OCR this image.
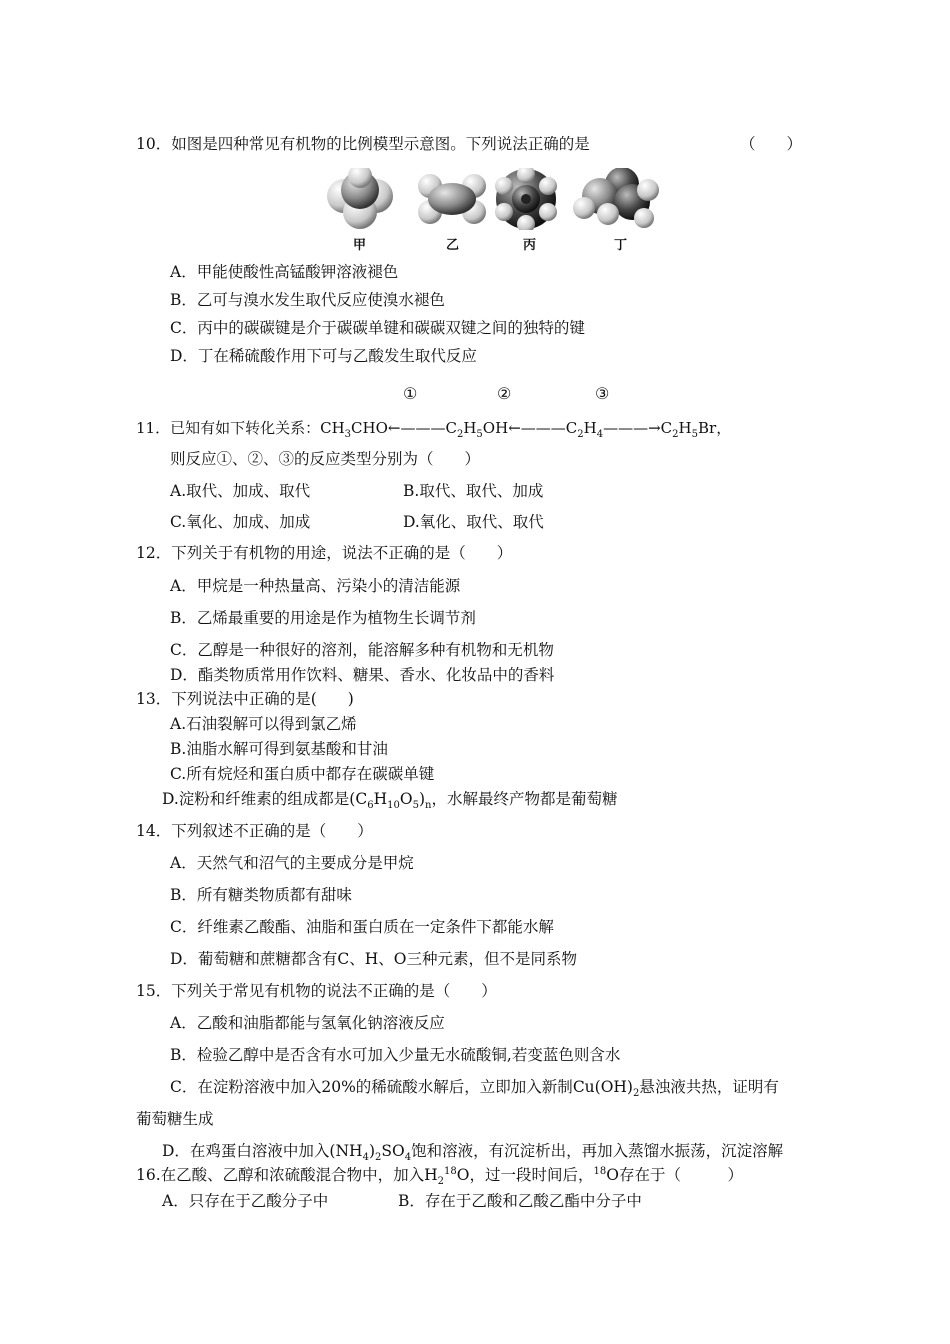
10．如图是四种常见有机物的比例模型示意图。下列说法正确的是	（　　）
甲	乙	丙	丁
A．甲能使酸性高锰酸钾溶液褪色
B．乙可与溴水发生取代反应使溴水褪色
C．丙中的碳碳键是介于碳碳单键和碳碳双键之间的独特的键
D．丁在稀硫酸作用下可与乙酸发生取代反应
①	②	③
11．已知有如下转化关系：$CH_3CHO\leftarrow———C_2H_5OH\leftarrow———C_2H_4———\to C_2H_5Br$，
则反应①、②、③的反应类型分别为（　　）
A.取代、加成、取代	B.取代、取代、加成
C.氧化、加成、加成	D.氧化、取代、取代
12．下列关于有机物的用途，说法不正确的是（　　）
A．甲烷是一种热量高、污染小的清洁能源
B．乙烯最重要的用途是作为植物生长调节剂
C．乙醇是一种很好的溶剂，能溶解多种有机物和无机物
D．酯类物质常用作饮料、糖果、香水、化妆品中的香料
13．下列说法中正确的是(　　)
A.石油裂解可以得到氯乙烯
B.油脂水解可得到氨基酸和甘油
C.所有烷烃和蛋白质中都存在碳碳单键
D.淀粉和纤维素的组成都是$(C_6H_{10}O_5)_n$，水解最终产物都是葡萄糖
14．下列叙述不正确的是（　　）
A．天然气和沼气的主要成分是甲烷
B．所有糖类物质都有甜味
C．纤维素乙酸酯、油脂和蛋白质在一定条件下都能水解
D．葡萄糖和蔗糖都含有C、H、O三种元素，但不是同系物
15．下列关于常见有机物的说法不正确的是（　　）
A．乙酸和油脂都能与氢氧化钠溶液反应
B．检验乙醇中是否含有水可加入少量无水硫酸铜,若变蓝色则含水
C．在淀粉溶液中加入20%的稀硫酸水解后，立即加入新制$Cu(OH)_2$悬浊液共热，证明有
葡萄糖生成
D．在鸡蛋白溶液中加入$(NH_4)_2SO_4$饱和溶液，有沉淀析出，再加入蒸馏水振荡，沉淀溶解
16.在乙酸、乙醇和浓硫酸混合物中，加入$H_2^{18}O$，过一段时间后，$^{18}$O存在于（　　　）
A．只存在于乙酸分子中	B．存在于乙酸和乙酸乙酯中分子中
